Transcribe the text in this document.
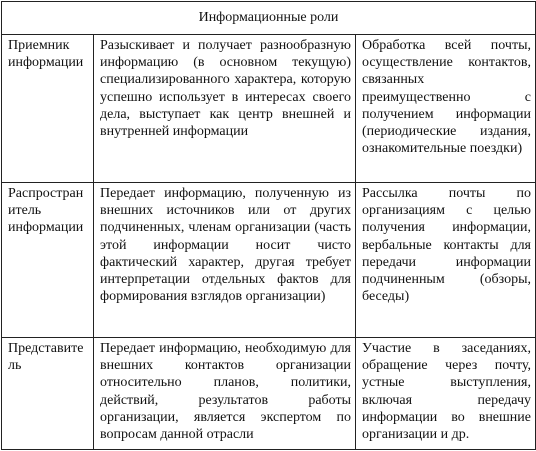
Информационные роли		
Приемник информации	Разыскивает и получает разнообразную информацию (в основном текущую) специализированного характера, которую успешно использует в интересах своего дела, выступает как центр внешней и внутренней информации	Обработка всей почты, осуществление контактов, связанных преимущественно с получением информации (периодические издания, ознакомительные поездки)
Распространитель информации	Передает информацию, полученную из внешних источников или от других подчиненных, членам организации (часть этой информации носит чисто фактический характер, другая требует интерпретации отдельных фактов для формирования взглядов организации)	Рассылка почты по организациям с целью получения информации, вербальные контакты для передачи информации подчиненным (обзоры, беседы)
Представитель	Передает информацию, необходимую для внешних контактов организации относительно планов, политики, действий, результатов работы организации, является экспертом по вопросам данной отрасли	Участие в заседаниях, обращение через почту, устные выступления, включая передачу информации во внешние организации и др.
